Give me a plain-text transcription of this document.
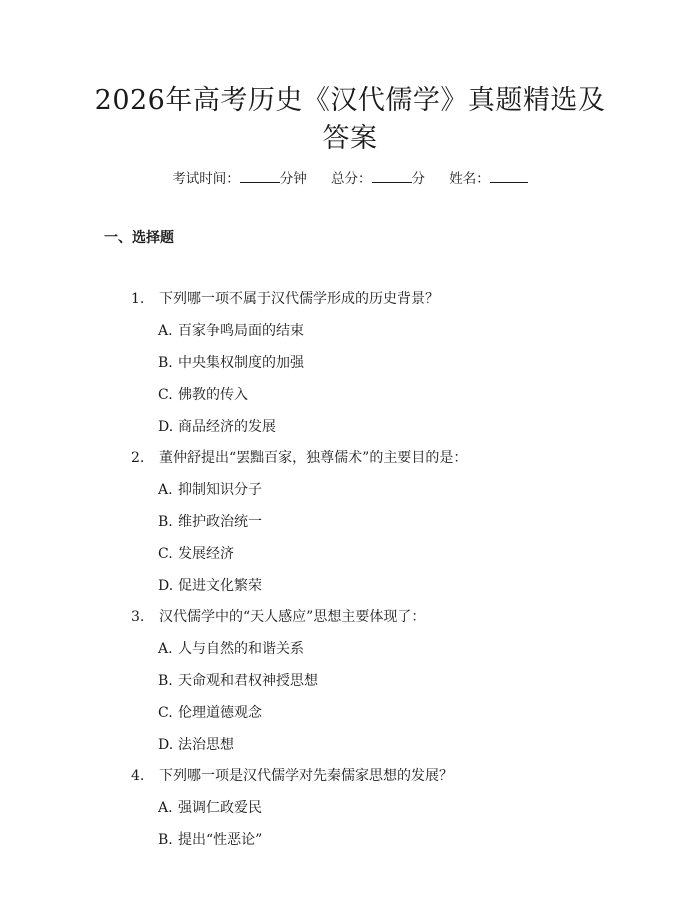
2026年高考历史《汉代儒学》真题精选及答案
考试时间：	分钟 总分：	分 姓名：
一、选择题
1. 下列哪一项不属于汉代儒学形成的历史背景？
A. 百家争鸣局面的结束
B. 中央集权制度的加强
C. 佛教的传入
D. 商品经济的发展
2. 董仲舒提出“罢黜百家，独尊儒术”的主要目的是：
A. 抑制知识分子
B. 维护政治统一
C. 发展经济
D. 促进文化繁荣
3. 汉代儒学中的“天人感应”思想主要体现了：
A. 人与自然的和谐关系
B. 天命观和君权神授思想
C. 伦理道德观念
D. 法治思想
4. 下列哪一项是汉代儒学对先秦儒家思想的发展？
A. 强调仁政爱民
B. 提出“性恶论”
